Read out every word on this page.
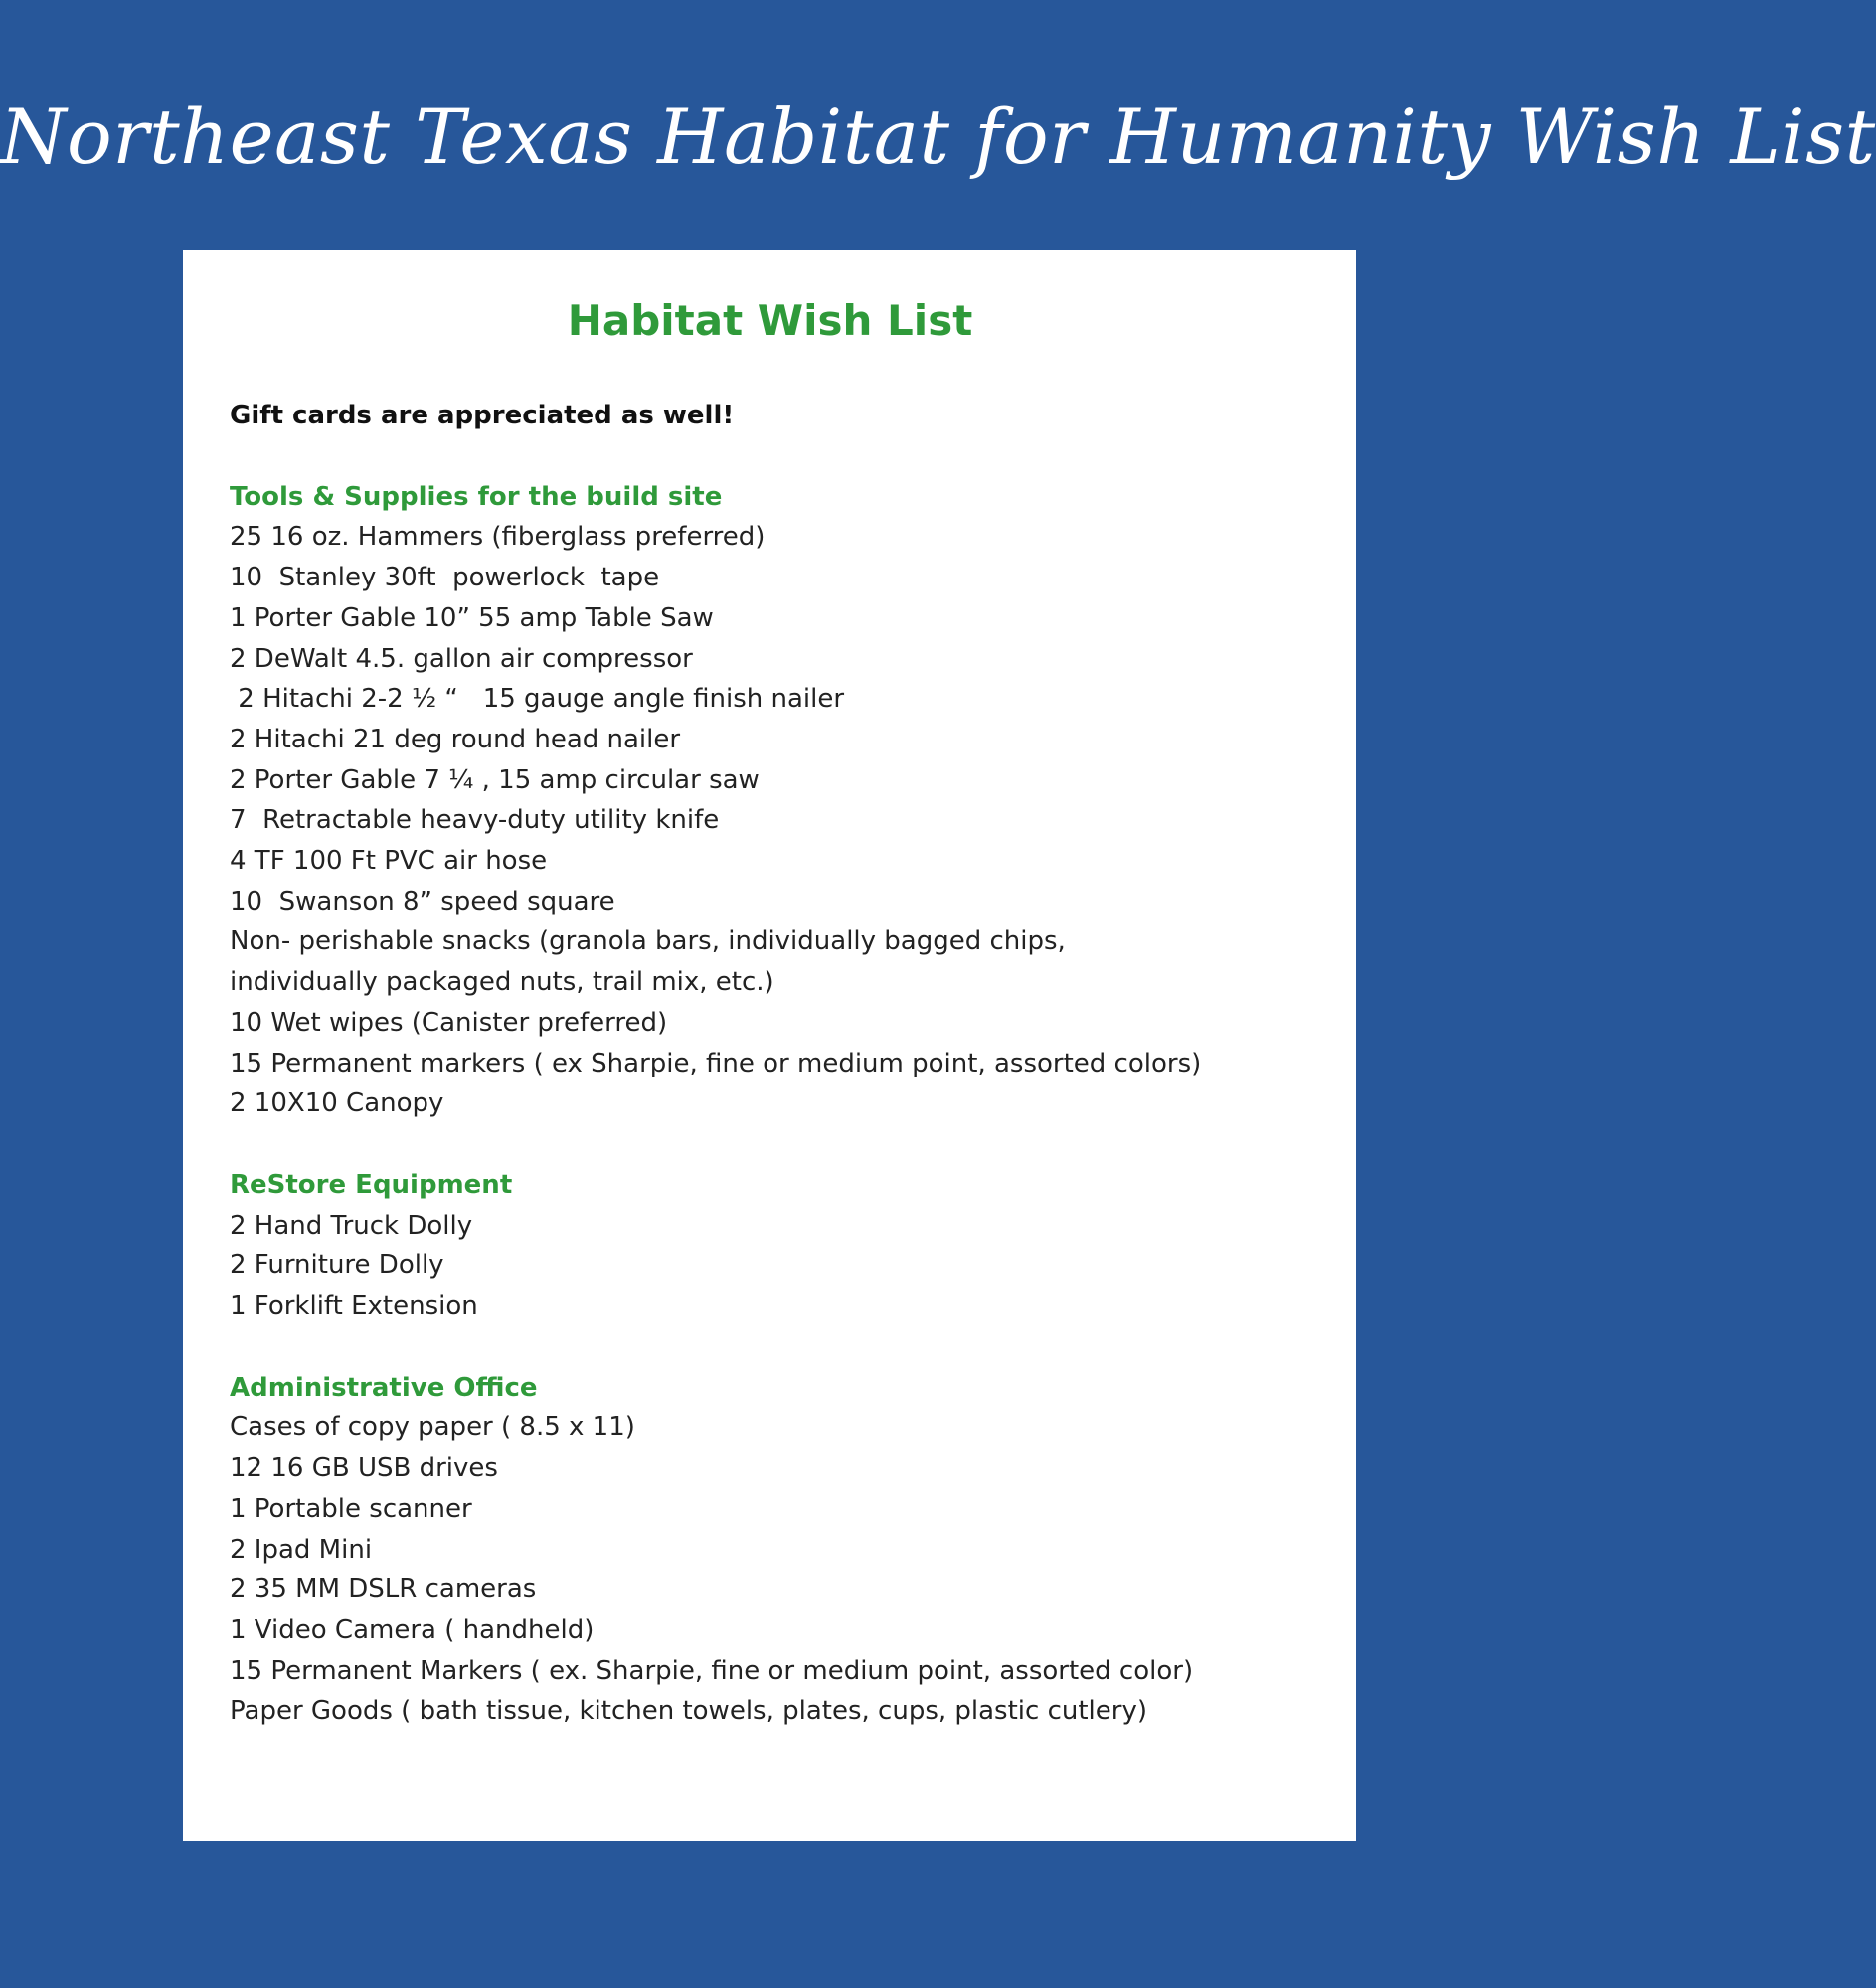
Northeast Texas Habitat for Humanity Wish List
Habitat Wish List
Gift cards are appreciated as well!
Tools & Supplies for the build site
25 16 oz. Hammers (fiberglass preferred)
10  Stanley 30ft  powerlock  tape
1 Porter Gable 10” 55 amp Table Saw
2 DeWalt 4.5. gallon air compressor
2 Hitachi 2-2 ½ “   15 gauge angle finish nailer
2 Hitachi 21 deg round head nailer
2 Porter Gable 7 ¼ , 15 amp circular saw
7  Retractable heavy-duty utility knife
4 TF 100 Ft PVC air hose
10  Swanson 8” speed square
Non- perishable snacks (granola bars, individually bagged chips,
individually packaged nuts, trail mix, etc.)
10 Wet wipes (Canister preferred)
15 Permanent markers ( ex Sharpie, fine or medium point, assorted colors)
2 10X10 Canopy
ReStore Equipment
2 Hand Truck Dolly
2 Furniture Dolly
1 Forklift Extension
Administrative Office
Cases of copy paper ( 8.5 x 11)
12 16 GB USB drives
1 Portable scanner
2 Ipad Mini
2 35 MM DSLR cameras
1 Video Camera ( handheld)
15 Permanent Markers ( ex. Sharpie, fine or medium point, assorted color)
Paper Goods ( bath tissue, kitchen towels, plates, cups, plastic cutlery)
